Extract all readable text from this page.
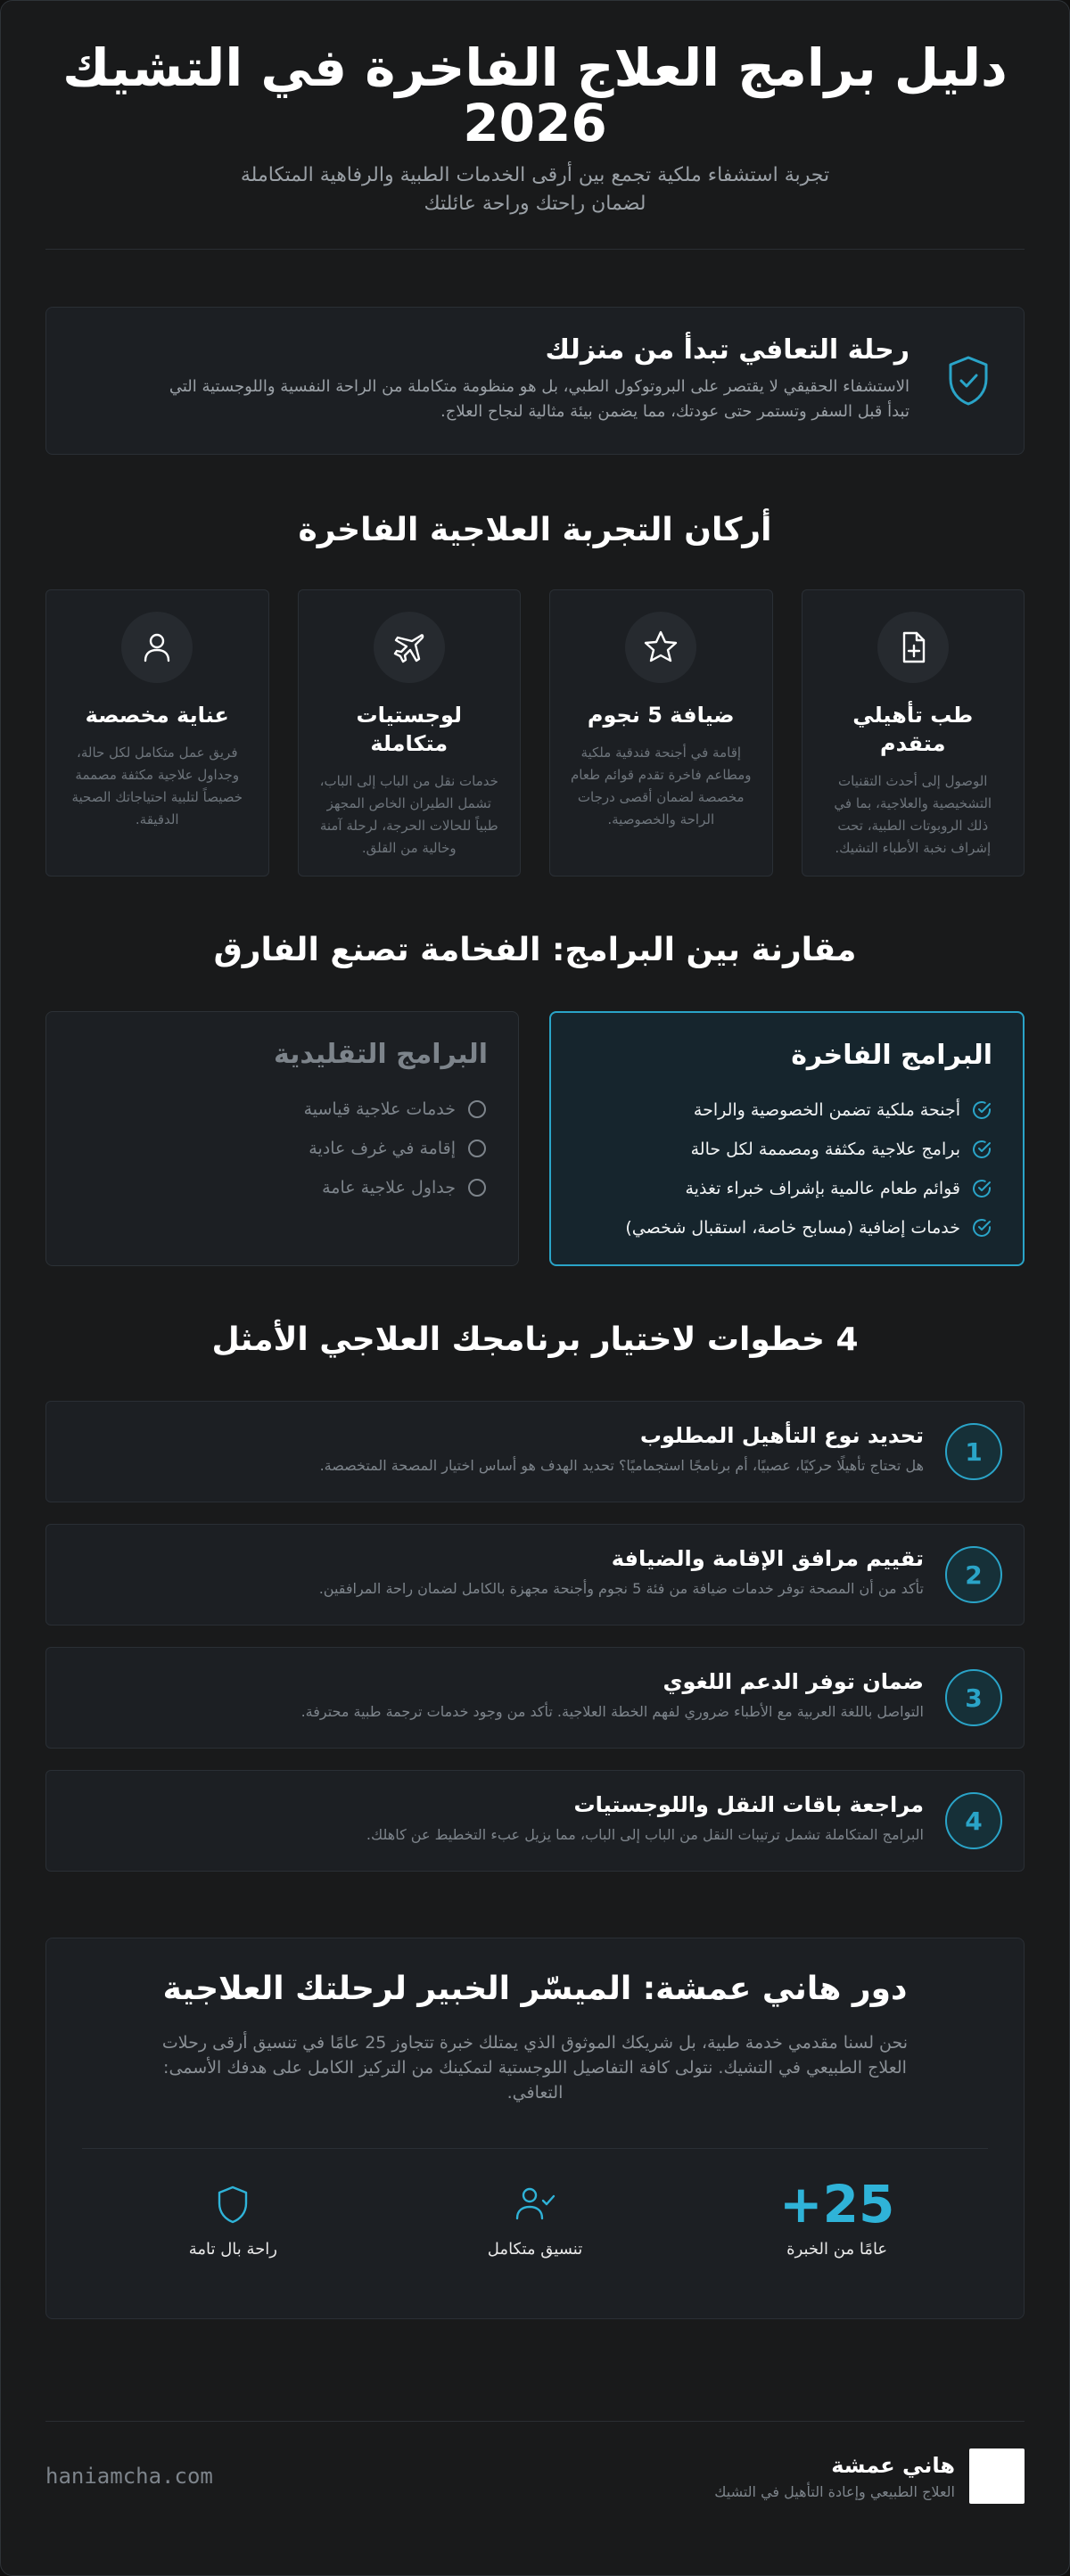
دليل برامج العلاج الفاخرة في التشيك 2026

تجربة استشفاء ملكية تجمع بين أرقى الخدمات الطبية والرفاهية المتكاملة لضمان راحتك وراحة عائلتك

رحلة التعافي تبدأ من منزلك

الاستشفاء الحقيقي لا يقتصر على البروتوكول الطبي، بل هو منظومة متكاملة من الراحة النفسية واللوجستية التي تبدأ قبل السفر وتستمر حتى عودتك، مما يضمن بيئة مثالية لنجاح العلاج.

أركان التجربة العلاجية الفاخرة
طب تأهيلي متقدم

الوصول إلى أحدث التقنيات التشخيصية والعلاجية، بما في ذلك الروبوتات الطبية، تحت إشراف نخبة الأطباء التشيك.

ضيافة 5 نجوم

إقامة في أجنحة فندقية ملكية ومطاعم فاخرة تقدم قوائم طعام مخصصة لضمان أقصى درجات الراحة والخصوصية.

لوجستيات متكاملة

خدمات نقل من الباب إلى الباب، تشمل الطيران الخاص المجهز طبياً للحالات الحرجة، لرحلة آمنة وخالية من القلق.

عناية مخصصة

فريق عمل متكامل لكل حالة، وجداول علاجية مكثفة مصممة خصيصاً لتلبية احتياجاتك الصحية الدقيقة.

مقارنة بين البرامج: الفخامة تصنع الفارق
البرامج الفاخرة
أجنحة ملكية تضمن الخصوصية والراحة
برامج علاجية مكثفة ومصممة لكل حالة
قوائم طعام عالمية بإشراف خبراء تغذية
خدمات إضافية (مسابح خاصة، استقبال شخصي)
البرامج التقليدية
خدمات علاجية قياسية
إقامة في غرف عادية
جداول علاجية عامة
4 خطوات لاختيار برنامجك العلاجي الأمثل
1
تحديد نوع التأهيل المطلوب

هل تحتاج تأهيلًا حركيًا، عصبيًا، أم برنامجًا استجماميًا؟ تحديد الهدف هو أساس اختيار المصحة المتخصصة.

2
تقييم مرافق الإقامة والضيافة

تأكد من أن المصحة توفر خدمات ضيافة من فئة 5 نجوم وأجنحة مجهزة بالكامل لضمان راحة المرافقين.

3
ضمان توفر الدعم اللغوي

التواصل باللغة العربية مع الأطباء ضروري لفهم الخطة العلاجية. تأكد من وجود خدمات ترجمة طبية محترفة.

4
مراجعة باقات النقل واللوجستيات

البرامج المتكاملة تشمل ترتيبات النقل من الباب إلى الباب، مما يزيل عبء التخطيط عن كاهلك.

دور هاني عمشة: الميسّر الخبير لرحلتك العلاجية

نحن لسنا مقدمي خدمة طبية، بل شريكك الموثوق الذي يمتلك خبرة تتجاوز 25 عامًا في تنسيق أرقى رحلات العلاج الطبيعي في التشيك. نتولى كافة التفاصيل اللوجستية لتمكينك من التركيز الكامل على هدفك الأسمى: التعافي.

+25
عامًا من الخبرة
تنسيق متكامل
راحة بال تامة
هاني عمشة

العلاج الطبيعي وإعادة التأهيل في التشيك

haniamcha.com
